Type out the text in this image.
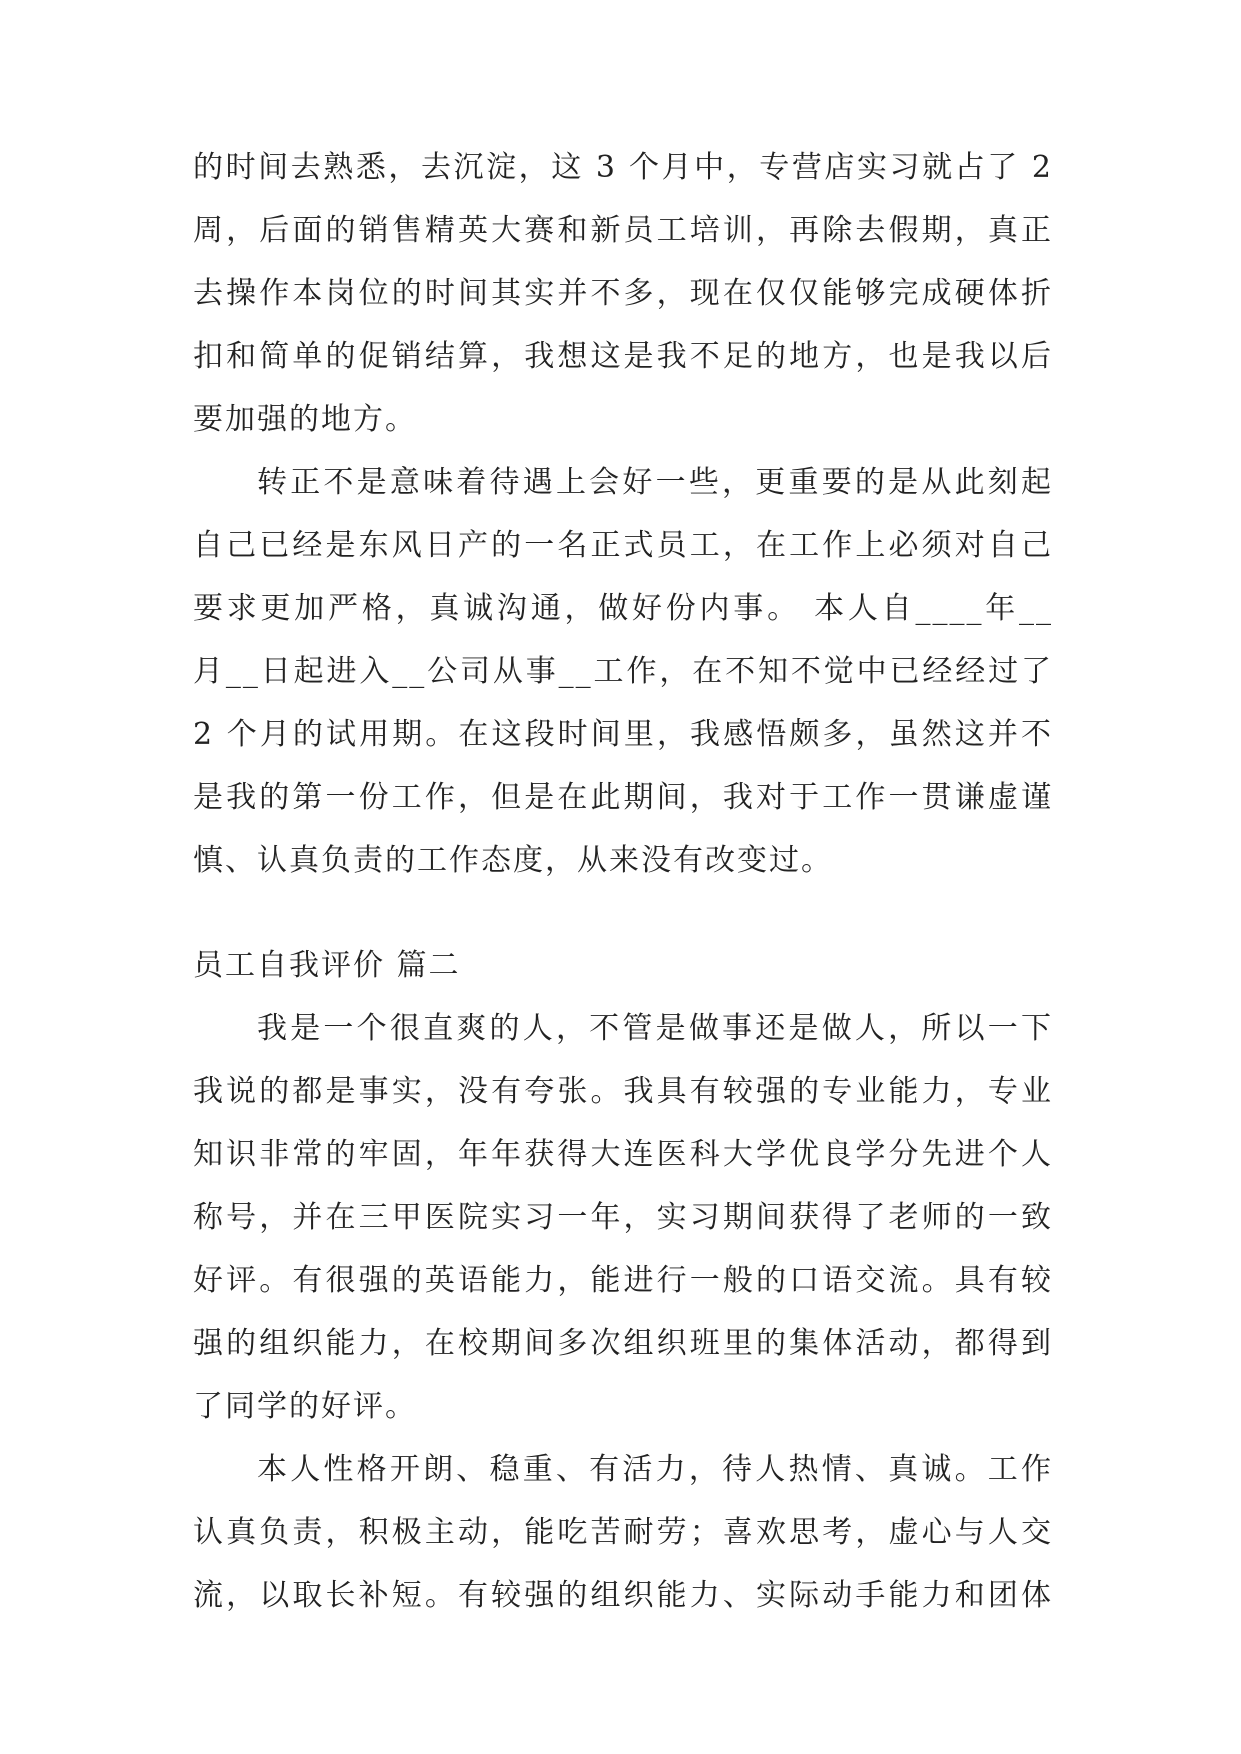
的时间去熟悉，去沉淀，这 3 个月中，专营店实习就占了 2
周，后面的销售精英大赛和新员工培训，再除去假期，真正
去操作本岗位的时间其实并不多，现在仅仅能够完成硬体折
扣和简单的促销结算，我想这是我不足的地方，也是我以后
要加强的地方。
转正不是意味着待遇上会好一些，更重要的是从此刻起
自己已经是东风日产的一名正式员工，在工作上必须对自己
要求更加严格，真诚沟通，做好份内事。 本人自____年__
月__日起进入__公司从事__工作，在不知不觉中已经经过了
2 个月的试用期。在这段时间里，我感悟颇多，虽然这并不
是我的第一份工作，但是在此期间，我对于工作一贯谦虚谨
慎、认真负责的工作态度，从来没有改变过。
员工自我评价 篇二
我是一个很直爽的人，不管是做事还是做人，所以一下
我说的都是事实，没有夸张。我具有较强的专业能力，专业
知识非常的牢固，年年获得大连医科大学优良学分先进个人
称号，并在三甲医院实习一年，实习期间获得了老师的一致
好评。有很强的英语能力，能进行一般的口语交流。具有较
强的组织能力，在校期间多次组织班里的集体活动，都得到
了同学的好评。
本人性格开朗、稳重、有活力，待人热情、真诚。工作
认真负责，积极主动，能吃苦耐劳；喜欢思考，虚心与人交
流，以取长补短。有较强的组织能力、实际动手能力和团体
